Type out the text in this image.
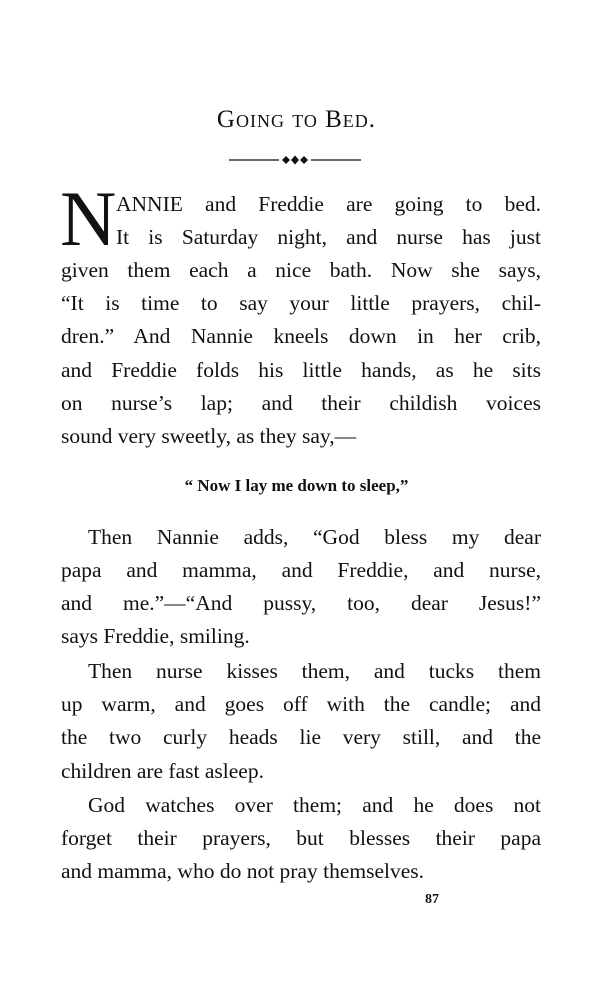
Going to Bed.
N ANNIE and Freddie are going to bed.
It is Saturday night, and nurse has just
given them each a nice bath. Now she says,
“It is time to say your little prayers, chil-
dren.” And Nannie kneels down in her crib,
and Freddie folds his little hands, as he sits
on nurse’s lap; and their childish voices
sound very sweetly, as they say,—
“ Now I lay me down to sleep,”
Then Nannie adds, “God bless my dear
papa and mamma, and Freddie, and nurse,
and me.”—“And pussy, too, dear Jesus!”
says Freddie, smiling.
Then nurse kisses them, and tucks them
up warm, and goes off with the candle; and
the two curly heads lie very still, and the
children are fast asleep.
God watches over them; and he does not
forget their prayers, but blesses their papa
and mamma, who do not pray themselves.
87
